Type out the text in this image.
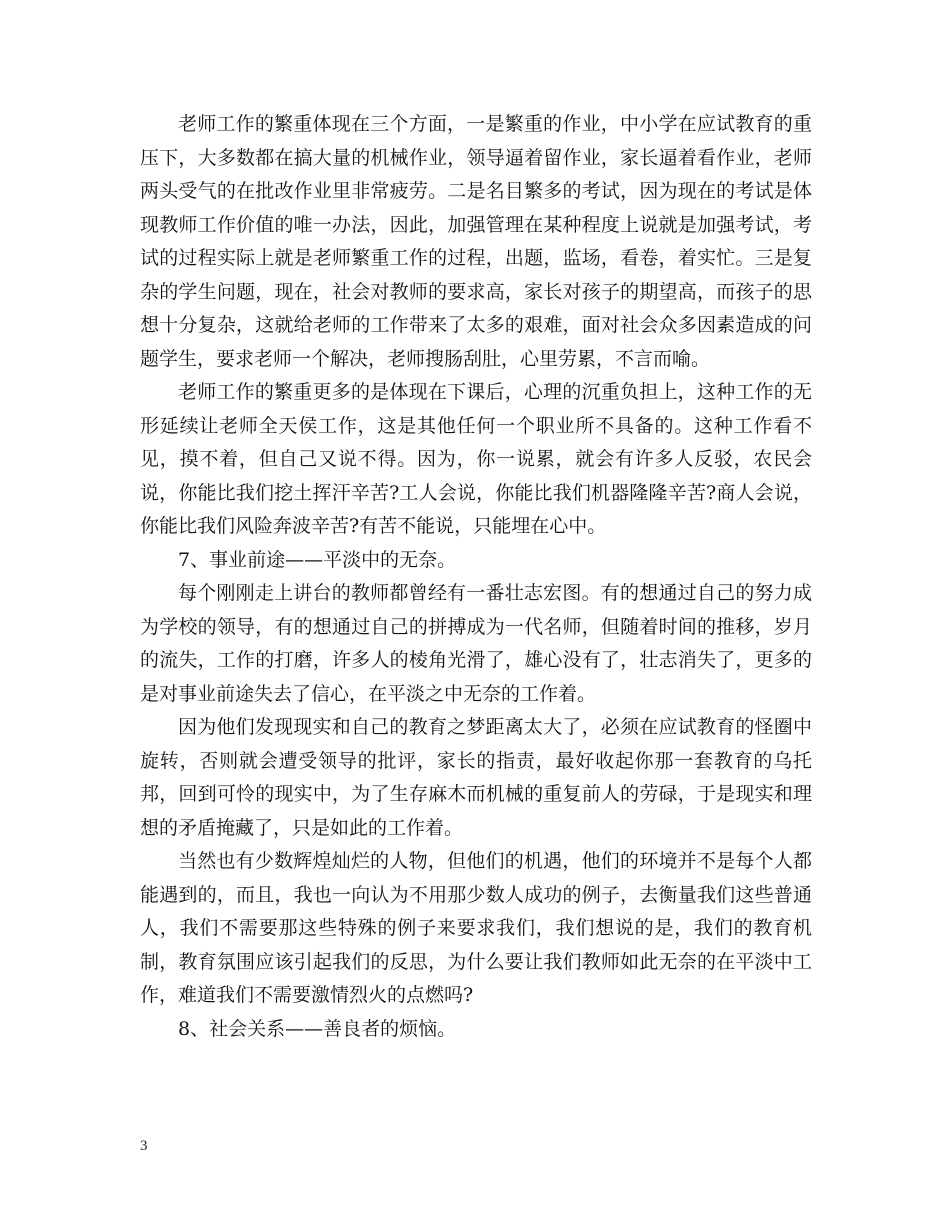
老师工作的繁重体现在三个方面，一是繁重的作业，中小学在应试教育的重压下，大多数都在搞大量的机械作业，领导逼着留作业，家长逼着看作业，老师两头受气的在批改作业里非常疲劳。二是名目繁多的考试，因为现在的考试是体现教师工作价值的唯一办法，因此，加强管理在某种程度上说就是加强考试，考试的过程实际上就是老师繁重工作的过程，出题，监场，看卷，着实忙。三是复杂的学生问题，现在，社会对教师的要求高，家长对孩子的期望高，而孩子的思想十分复杂，这就给老师的工作带来了太多的艰难，面对社会众多因素造成的问题学生，要求老师一个解决，老师搜肠刮肚，心里劳累，不言而喻。

老师工作的繁重更多的是体现在下课后，心理的沉重负担上，这种工作的无形延续让老师全天侯工作，这是其他任何一个职业所不具备的。这种工作看不见，摸不着，但自己又说不得。因为，你一说累，就会有许多人反驳，农民会说，你能比我们挖土挥汗辛苦?工人会说，你能比我们机器隆隆辛苦?商人会说，你能比我们风险奔波辛苦?有苦不能说，只能埋在心中。

7、事业前途——平淡中的无奈。

每个刚刚走上讲台的教师都曾经有一番壮志宏图。有的想通过自己的努力成为学校的领导，有的想通过自己的拼搏成为一代名师，但随着时间的推移，岁月的流失，工作的打磨，许多人的棱角光滑了，雄心没有了，壮志消失了，更多的是对事业前途失去了信心，在平淡之中无奈的工作着。

因为他们发现现实和自己的教育之梦距离太大了，必须在应试教育的怪圈中旋转，否则就会遭受领导的批评，家长的指责，最好收起你那一套教育的乌托邦，回到可怜的现实中，为了生存麻木而机械的重复前人的劳碌，于是现实和理想的矛盾掩藏了，只是如此的工作着。

当然也有少数辉煌灿烂的人物，但他们的机遇，他们的环境并不是每个人都能遇到的，而且，我也一向认为不用那少数人成功的例子，去衡量我们这些普通人，我们不需要那这些特殊的例子来要求我们，我们想说的是，我们的教育机制，教育氛围应该引起我们的反思，为什么要让我们教师如此无奈的在平淡中工作，难道我们不需要激情烈火的点燃吗?

8、社会关系——善良者的烦恼。

3
